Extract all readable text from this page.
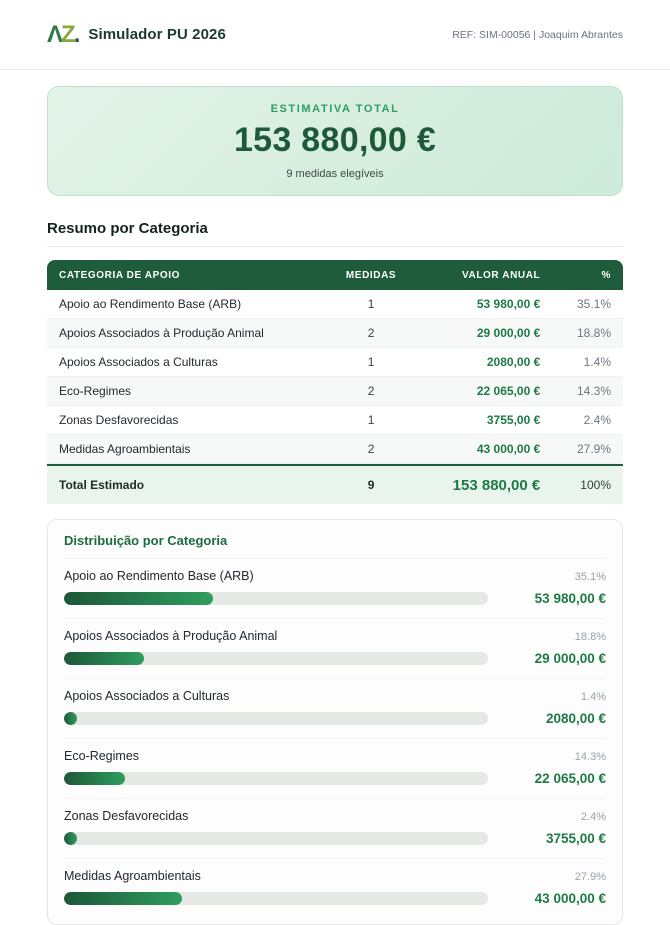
ΛZ. Simulador PU 2026	REF: SIM-00056 | Joaquim Abrantes
ESTIMATIVA TOTAL
153 880,00 €
9 medidas elegíveis
Resumo por Categoria
CATEGORIA DE APOIO	MEDIDAS	VALOR ANUAL	%
Apoio ao Rendimento Base (ARB)	1	53 980,00 €	35.1%
Apoios Associados à Produção Animal	2	29 000,00 €	18.8%
Apoios Associados a Culturas	1	2080,00 €	1.4%
Eco-Regimes	2	22 065,00 €	14.3%
Zonas Desfavorecidas	1	3755,00 €	2.4%
Medidas Agroambientais	2	43 000,00 €	27.9%
Total Estimado	9	153 880,00 €	100%
Distribuição por Categoria
Apoio ao Rendimento Base (ARB)	35.1%
53 980,00 €
Apoios Associados à Produção Animal	18.8%
29 000,00 €
Apoios Associados a Culturas	1.4%
2080,00 €
Eco-Regimes	14.3%
22 065,00 €
Zonas Desfavorecidas	2.4%
3755,00 €
Medidas Agroambientais	27.9%
43 000,00 €
